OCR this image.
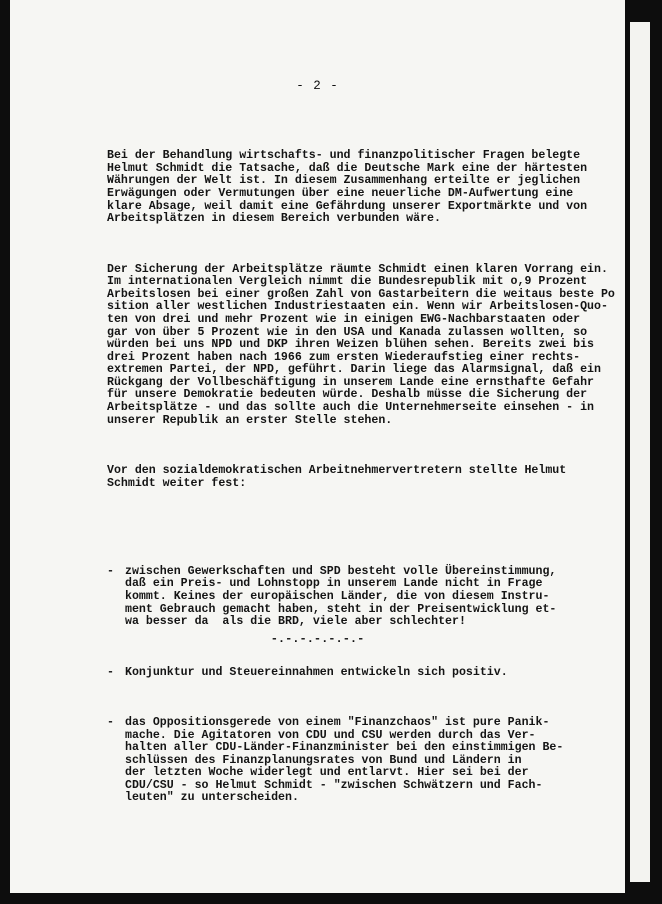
- 2 -

Bei der Behandlung wirtschafts- und finanzpolitischer Fragen belegte
Helmut Schmidt die Tatsache, daß die Deutsche Mark eine der härtesten
Währungen der Welt ist. In diesem Zusammenhang erteilte er jeglichen
Erwägungen oder Vermutungen über eine neuerliche DM-Aufwertung eine
klare Absage, weil damit eine Gefährdung unserer Exportmärkte und von
Arbeitsplätzen in diesem Bereich verbunden wäre.

Der Sicherung der Arbeitsplätze räumte Schmidt einen klaren Vorrang ein.
Im internationalen Vergleich nimmt die Bundesrepublik mit o,9 Prozent
Arbeitslosen bei einer großen Zahl von Gastarbeitern die weitaus beste Po
sition aller westlichen Industriestaaten ein. Wenn wir Arbeitslosen-Quo-
ten von drei und mehr Prozent wie in einigen EWG-Nachbarstaaten oder
gar von über 5 Prozent wie in den USA und Kanada zulassen wollten, so
würden bei uns NPD und DKP ihren Weizen blühen sehen. Bereits zwei bis
drei Prozent haben nach 1966 zum ersten Wiederaufstieg einer rechts-
extremen Partei, der NPD, geführt. Darin liege das Alarmsignal, daß ein
Rückgang der Vollbeschäftigung in unserem Lande eine ernsthafte Gefahr
für unsere Demokratie bedeuten würde. Deshalb müsse die Sicherung der
Arbeitsplätze - und das sollte auch die Unternehmerseite einsehen - in
unserer Republik an erster Stelle stehen.

Vor den sozialdemokratischen Arbeitnehmervertretern stellte Helmut
Schmidt weiter fest:

- zwischen Gewerkschaften und SPD besteht volle Übereinstimmung,
daß ein Preis- und Lohnstopp in unserem Lande nicht in Frage
kommt. Keines der europäischen Länder, die von diesem Instru-
ment Gebrauch gemacht haben, steht in der Preisentwicklung et-
wa besser da  als die BRD, viele aber schlechter!

- Konjunktur und Steuereinnahmen entwickeln sich positiv.

- das Oppositionsgerede von einem "Finanzchaos" ist pure Panik-
mache. Die Agitatoren von CDU und CSU werden durch das Ver-
halten aller CDU-Länder-Finanzminister bei den einstimmigen Be-
schlüssen des Finanzplanungsrates von Bund und Ländern in
der letzten Woche widerlegt und entlarvt. Hier sei bei der
CDU/CSU - so Helmut Schmidt - "zwischen Schwätzern und Fach-
leuten" zu unterscheiden.

-.-.-.-.-.-.-
